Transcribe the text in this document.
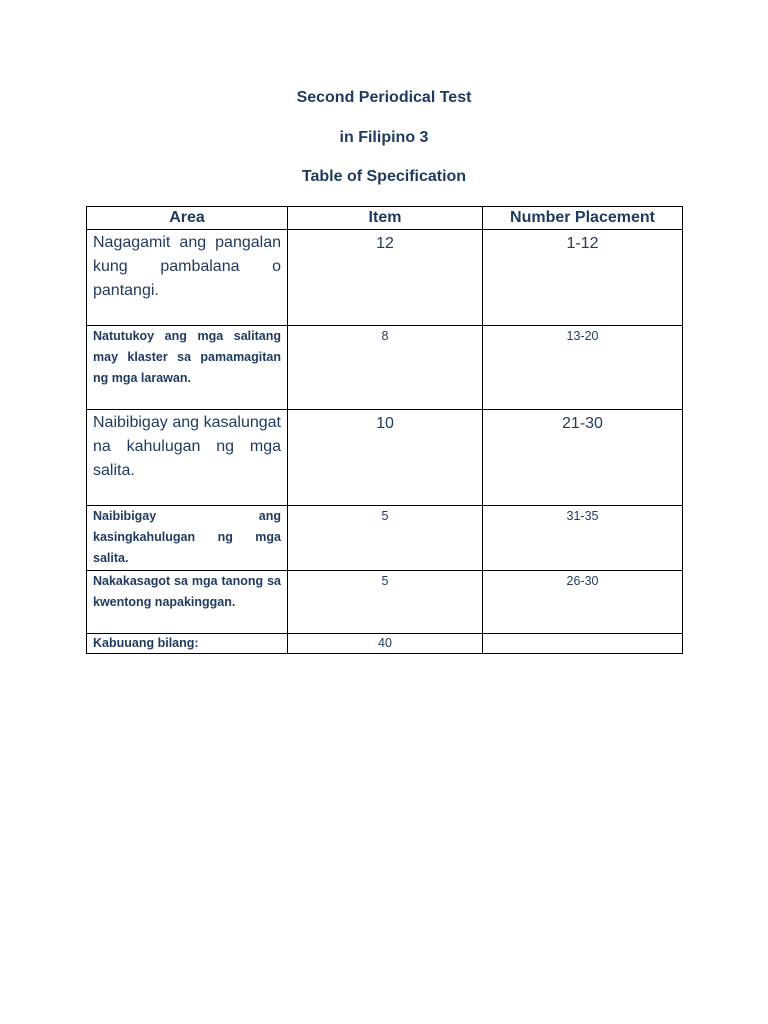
Second Periodical Test
in Filipino 3
Table of Specification
Area	Item	Number Placement
Nagagamit ang pangalan kung pambalana o pantangi.	12	1-12
Natutukoy ang mga salitang may klaster sa pamamagitan ng mga larawan.	8	13-20
Naibibigay ang kasalungat na kahulugan ng mga salita.	10	21-30
Naibibigay ang kasingkahulugan ng mga salita.	5	31-35
Nakakasagot sa mga tanong sa kwentong napakinggan.	5	26-30
Kabuuang bilang:	40	
